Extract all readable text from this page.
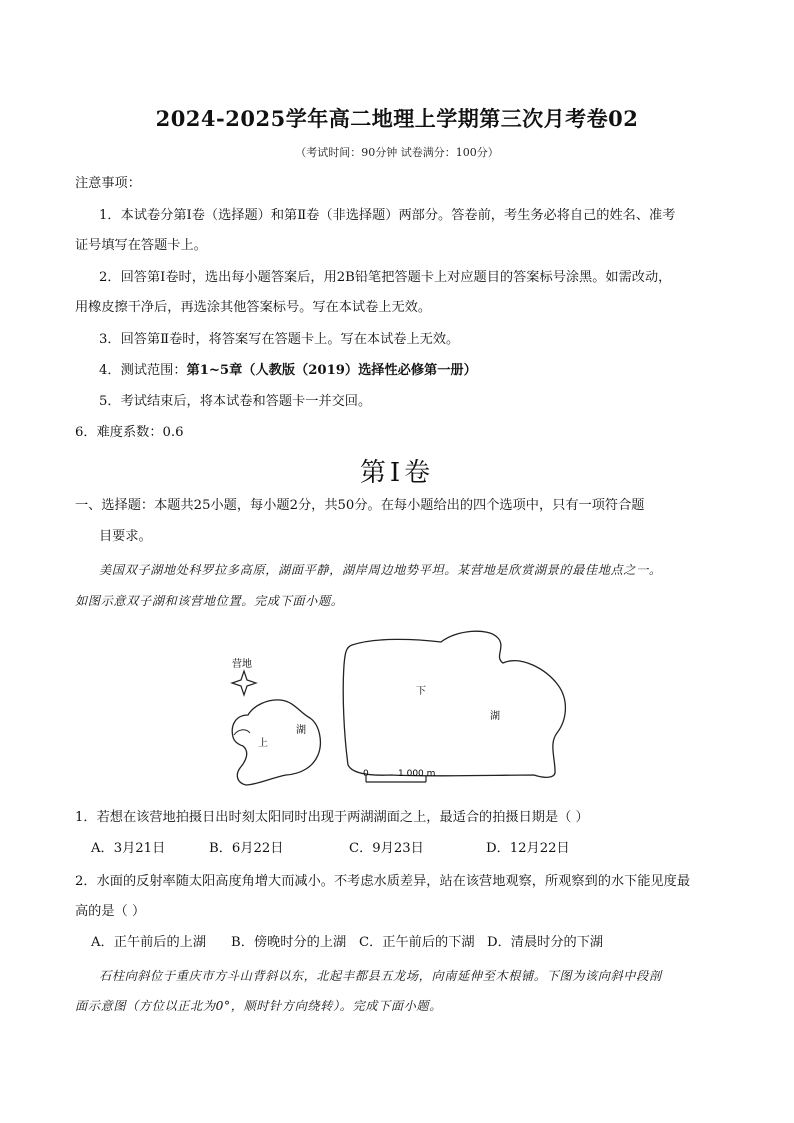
2024-2025学年高二地理上学期第三次月考卷02
（考试时间：90分钟 试卷满分：100分）
注意事项：
1．本试卷分第Ⅰ卷（选择题）和第Ⅱ卷（非选择题）两部分。答卷前，考生务必将自己的姓名、准考
证号填写在答题卡上。
2．回答第Ⅰ卷时，选出每小题答案后，用2B铅笔把答题卡上对应题目的答案标号涂黑。如需改动，
用橡皮擦干净后，再选涂其他答案标号。写在本试卷上无效。
3．回答第Ⅱ卷时，将答案写在答题卡上。写在本试卷上无效。
4．测试范围：第1~5章（人教版（2019）选择性必修第一册）
5．考试结束后，将本试卷和答题卡一并交回。
6．难度系数：0.6
第Ⅰ卷
一、选择题：本题共25小题，每小题2分，共50分。在每小题给出的四个选项中，只有一项符合题
目要求。
美国双子湖地处科罗拉多高原，湖面平静，湖岸周边地势平坦。某营地是欣赏湖景的最佳地点之一。
如图示意双子湖和该营地位置。完成下面小题。
营地
下
湖
上
湖
0	1 000 m
1．若想在该营地拍摄日出时刻太阳同时出现于两湖湖面之上，最适合的拍摄日期是（ ）
A．3月21日	B．6月22日	C．9月23日	D．12月22日
2．水面的反射率随太阳高度角增大而减小。不考虑水质差异，站在该营地观察，所观察到的水下能见度最
高的是（ ）
A．正午前后的上湖 B．傍晚时分的上湖 C．正午前后的下湖 D．清晨时分的下湖
石柱向斜位于重庆市方斗山背斜以东，北起丰都县五龙场，向南延伸至木根铺。下图为该向斜中段剖
面示意图（方位以正北为0°，顺时针方向绕转）。完成下面小题。
